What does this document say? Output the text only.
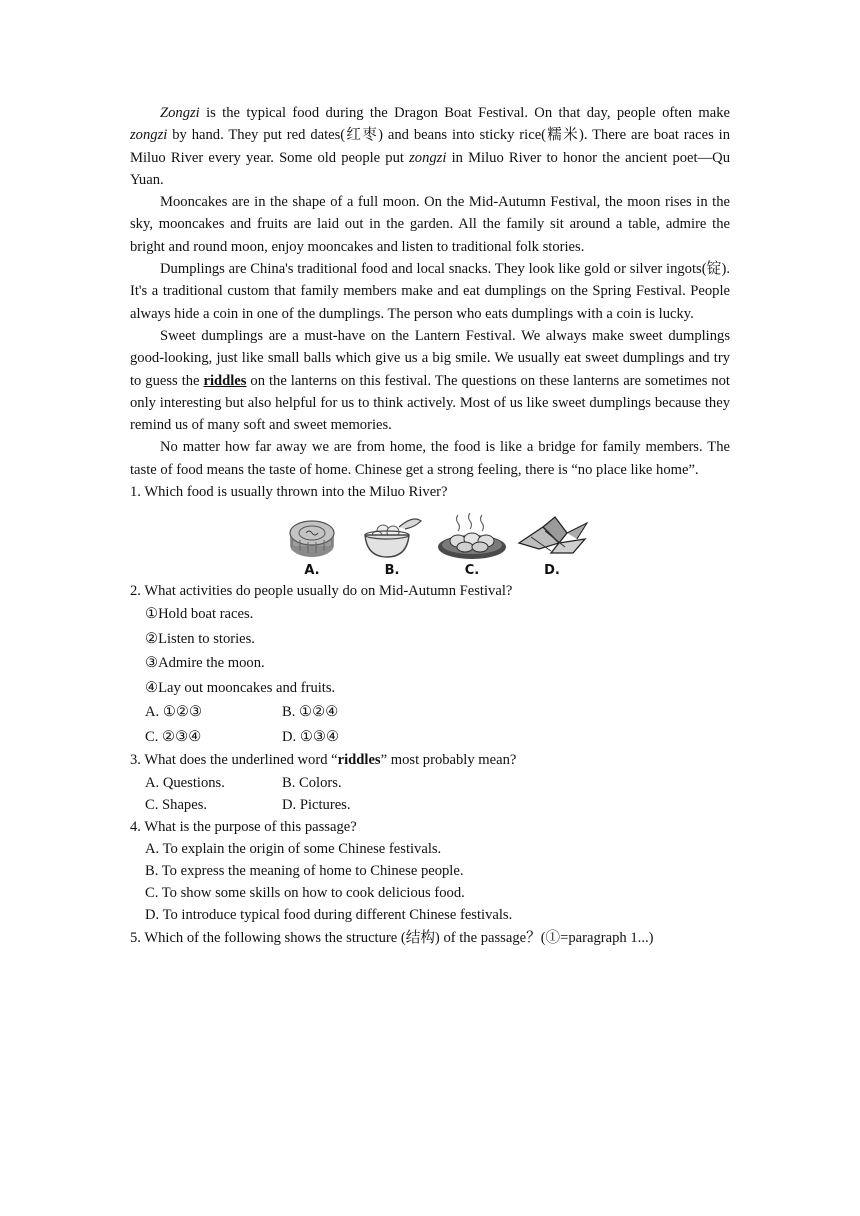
Zongzi is the typical food during the Dragon Boat Festival. On that day, people often make zongzi by hand. They put red dates(红枣) and beans into sticky rice(糯米). There are boat races in Miluo River every year. Some old people put zongzi in Miluo River to honor the ancient poet—Qu Yuan.

Mooncakes are in the shape of a full moon. On the Mid-Autumn Festival, the moon rises in the sky, mooncakes and fruits are laid out in the garden. All the family sit around a table, admire the bright and round moon, enjoy mooncakes and listen to traditional folk stories.

Dumplings are China's traditional food and local snacks. They look like gold or silver ingots(锭). It's a traditional custom that family members make and eat dumplings on the Spring Festival. People always hide a coin in one of the dumplings. The person who eats dumplings with a coin is lucky.

Sweet dumplings are a must-have on the Lantern Festival. We always make sweet dumplings good-looking, just like small balls which give us a big smile. We usually eat sweet dumplings and try to guess the riddles on the lanterns on this festival. The questions on these lanterns are sometimes not only interesting but also helpful for us to think actively. Most of us like sweet dumplings because they remind us of many soft and sweet memories.

No matter how far away we are from home, the food is like a bridge for family members. The taste of food means the taste of home. Chinese get a strong feeling, there is “no place like home”.

1. Which food is usually thrown into the Miluo River?

A.	B.	C.	D.

2. What activities do people usually do on Mid-Autumn Festival?

①Hold boat races.

②Listen to stories.

③Admire the moon.

④Lay out mooncakes and fruits.

A. ①②③	B. ①②④
C. ②③④	D. ①③④

3. What does the underlined word “riddles” most probably mean?

A. Questions.	B. Colors.
C. Shapes.	D. Pictures.

4. What is the purpose of this passage?

A. To explain the origin of some Chinese festivals.
B. To express the meaning of home to Chinese people.
C. To show some skills on how to cook delicious food.
D. To introduce typical food during different Chinese festivals.

5. Which of the following shows the structure (结构) of the passage？(①=paragraph 1...)
